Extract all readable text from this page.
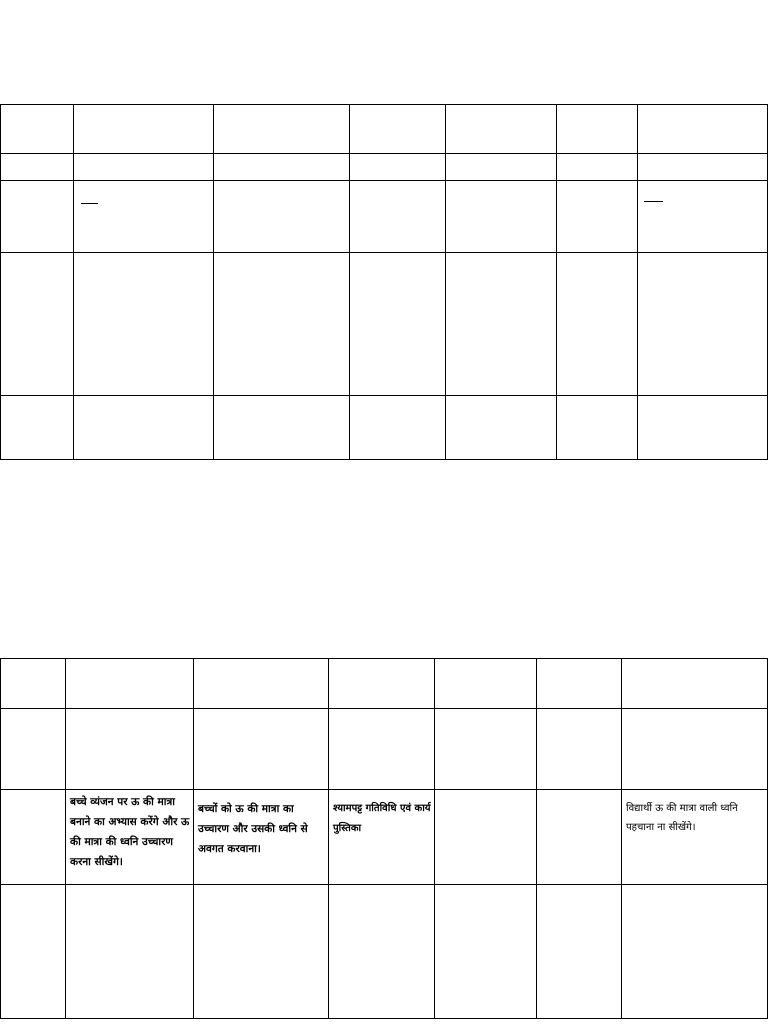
	बच्चे व्यंजन पर ऊ की मात्रा बनाने का अभ्यास करेंगे और ऊ की मात्रा की ध्वनि उच्चारण करना सीखेंगे।	बच्चों को ऊ की मात्रा का उच्चारण और उसकी ध्वनि से अवगत करवाना।	श्यामपट्ट गतिविधि एवं कार्य पुस्तिका			विद्यार्थी ऊ की मात्रा वाली ध्वनि पहचाना ना सीखेंगे।
